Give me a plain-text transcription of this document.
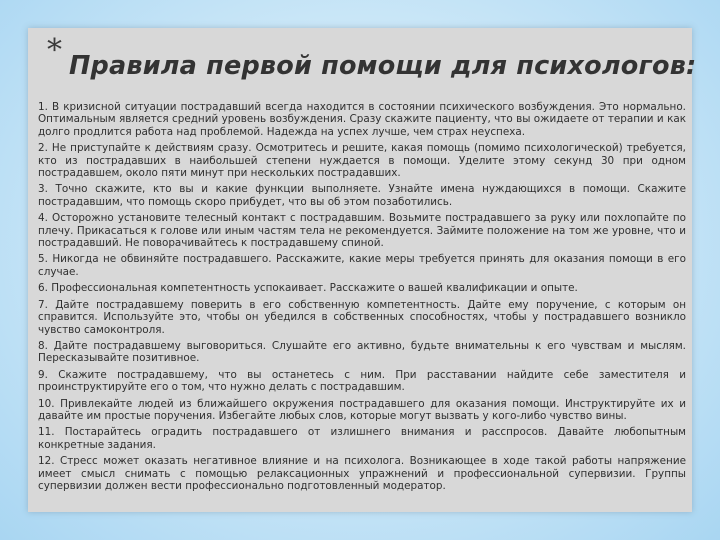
* Правила первой помощи для психологов:

1. В кризисной ситуации пострадавший всегда находится в состоянии психического возбуждения. Это нормально. Оптимальным является средний уровень возбуждения. Сразу скажите пациенту, что вы ожидаете от терапии и как долго продлится работа над проблемой. Надежда на успех лучше, чем страх неуспеха.

2. Не приступайте к действиям сразу. Осмотритесь и решите, какая помощь (помимо психологической) требуется, кто из пострадавших в наибольшей степени нуждается в помощи. Уделите этому секунд 30 при одном пострадавшем, около пяти минут при нескольких пострадавших.

3. Точно скажите, кто вы и какие функции выполняете. Узнайте имена нуждающихся в помощи. Скажите пострадавшим, что помощь скоро прибудет, что вы об этом позаботились.

4. Осторожно установите телесный контакт с пострадавшим. Возьмите пострадавшего за руку или похлопайте по плечу. Прикасаться к голове или иным частям тела не рекомендуется. Займите положение на том же уровне, что и пострадавший. Не поворачивайтесь к пострадавшему спиной.

5. Никогда не обвиняйте пострадавшего. Расскажите, какие меры требуется принять для оказания помощи в его случае.

6. Профессиональная компетентность успокаивает. Расскажите о вашей квалификации и опыте.

7. Дайте пострадавшему поверить в его собственную компетентность. Дайте ему поручение, с которым он справится. Используйте это, чтобы он убедился в собственных способностях, чтобы у пострадавшего возникло чувство самоконтроля.

8. Дайте пострадавшему выговориться. Слушайте его активно, будьте внимательны к его чувствам и мыслям. Пересказывайте позитивное.

9. Скажите пострадавшему, что вы останетесь с ним. При расставании найдите себе заместителя и проинструктируйте его о том, что нужно делать с пострадавшим.

10. Привлекайте людей из ближайшего окружения пострадавшего для оказания помощи. Инструктируйте их и давайте им простые поручения. Избегайте любых слов, которые могут вызвать у кого-либо чувство вины.

11. Постарайтесь оградить пострадавшего от излишнего внимания и расспросов. Давайте любопытным конкретные задания.

12. Стресс может оказать негативное влияние и на психолога. Возникающее в ходе такой работы напряжение имеет смысл снимать с помощью релаксационных упражнений и профессиональной супервизии. Группы супервизии должен вести профессионально подготовленный модератор.
